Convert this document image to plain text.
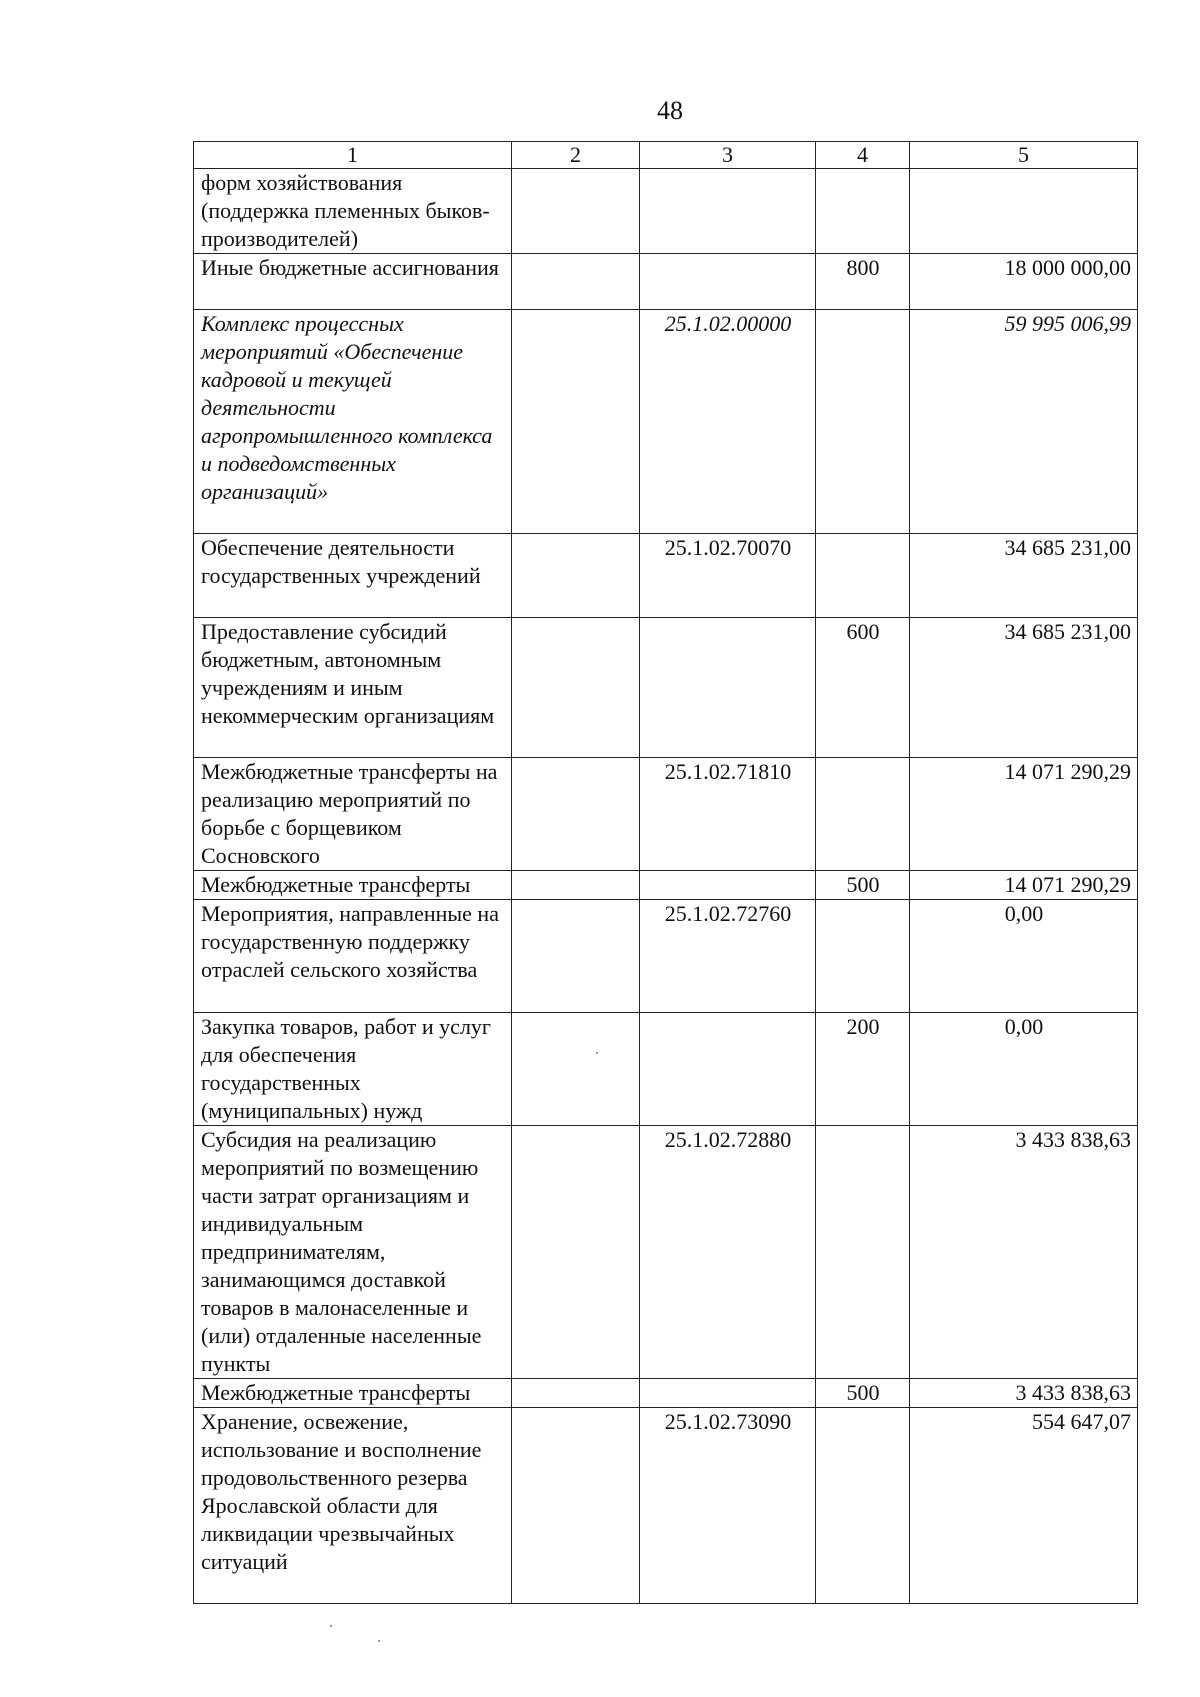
48
1	2	3	4	5
форм хозяйствования (поддержка племенных быков-производителей)				
Иные бюджетные ассигнования			800	18 000 000,00
Комплекс процессных мероприятий «Обеспечение кадровой и текущей деятельности агропромышленного комплекса и подведомственных организаций»		25.1.02.00000		59 995 006,99
Обеспечение деятельности государственных учреждений		25.1.02.70070		34 685 231,00
Предоставление субсидий бюджетным, автономным учреждениям и иным некоммерческим организациям			600	34 685 231,00
Межбюджетные трансферты на реализацию мероприятий по борьбе с борщевиком Сосновского		25.1.02.71810		14 071 290,29
Межбюджетные трансферты			500	14 071 290,29
Мероприятия, направленные на государственную поддержку отраслей сельского хозяйства		25.1.02.72760		0,00
Закупка товаров, работ и услуг для обеспечения государственных (муниципальных) нужд			200	0,00
Субсидия на реализацию мероприятий по возмещению части затрат организациям и индивидуальным предпринимателям, занимающимся доставкой товаров в малонаселенные и (или) отдаленные населенные пункты		25.1.02.72880		3 433 838,63
Межбюджетные трансферты			500	3 433 838,63
Хранение, освежение, использование и восполнение продовольственного резерва Ярославской области для ликвидации чрезвычайных ситуаций		25.1.02.73090		554 647,07
